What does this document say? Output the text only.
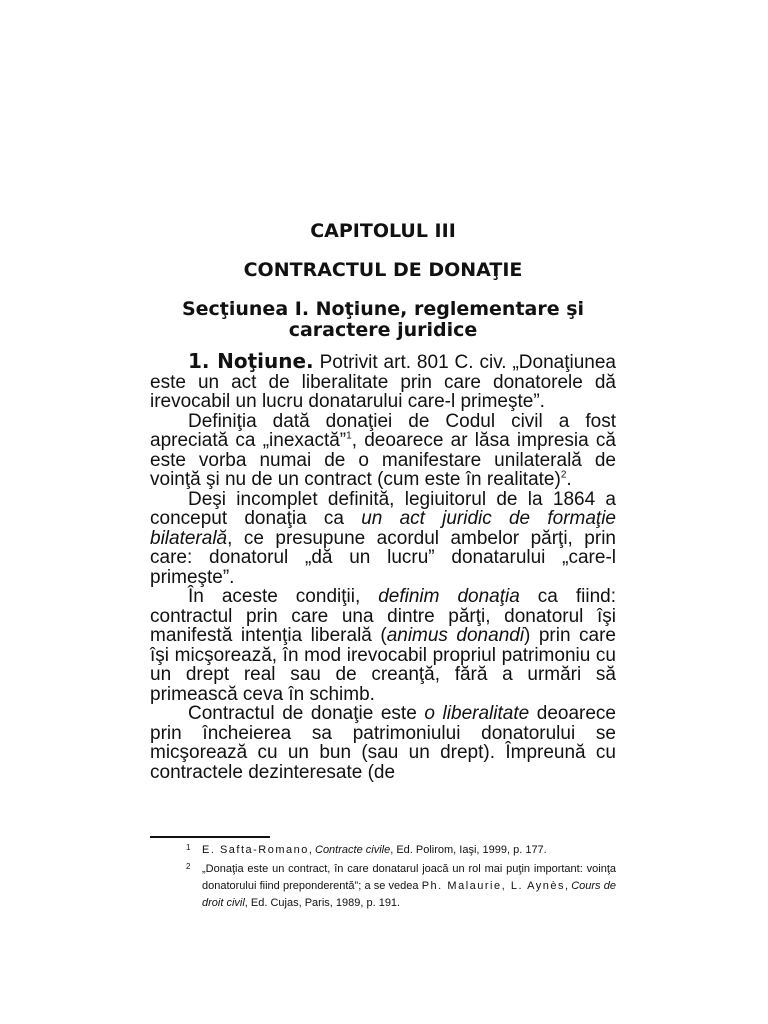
CAPITOLUL III
CONTRACTUL DE DONAŢIE
Secţiunea I. Noţiune, reglementare şi caractere juridice

1. Noţiune. Potrivit art. 801 C. civ. „Donaţiunea este un act de liberalitate prin care donatorele dă irevocabil un lucru donatarului care-l primeşte”.

Definiţia dată donaţiei de Codul civil a fost apreciată ca „inexactă”$^1$, deoarece ar lăsa impresia că este vorba numai de o manifestare unilaterală de voinţă şi nu de un contract (cum este în realitate)$^2$.

Deşi incomplet definită, legiuitorul de la 1864 a conceput donaţia ca un act juridic de formaţie bilaterală, ce presupune acordul ambelor părţi, prin care: donatorul „dă un lucru” donatarului „care-l primeşte”.

În aceste condiţii, definim donaţia ca fiind: contractul prin care una dintre părţi, donatorul îşi manifestă intenţia liberală (animus donandi) prin care îşi micşorează, în mod irevocabil propriul patrimoniu cu un drept real sau de creanţă, fără a urmări să primească ceva în schimb.

Contractul de donaţie este o liberalitate deoarece prin încheierea sa patrimoniului donatorului se micşorează cu un bun (sau un drept). Împreună cu contractele dezinteresate (de

1 E. Safta-Romano, Contracte civile, Ed. Polirom, Iaşi, 1999, p. 177.

2 „Donaţia este un contract, în care donatarul joacă un rol mai puţin important: voinţa donatorului fiind preponderentă”; a se vedea Ph. Malaurie, L. Aynès, Cours de droit civil, Ed. Cujas, Paris, 1989, p. 191.
